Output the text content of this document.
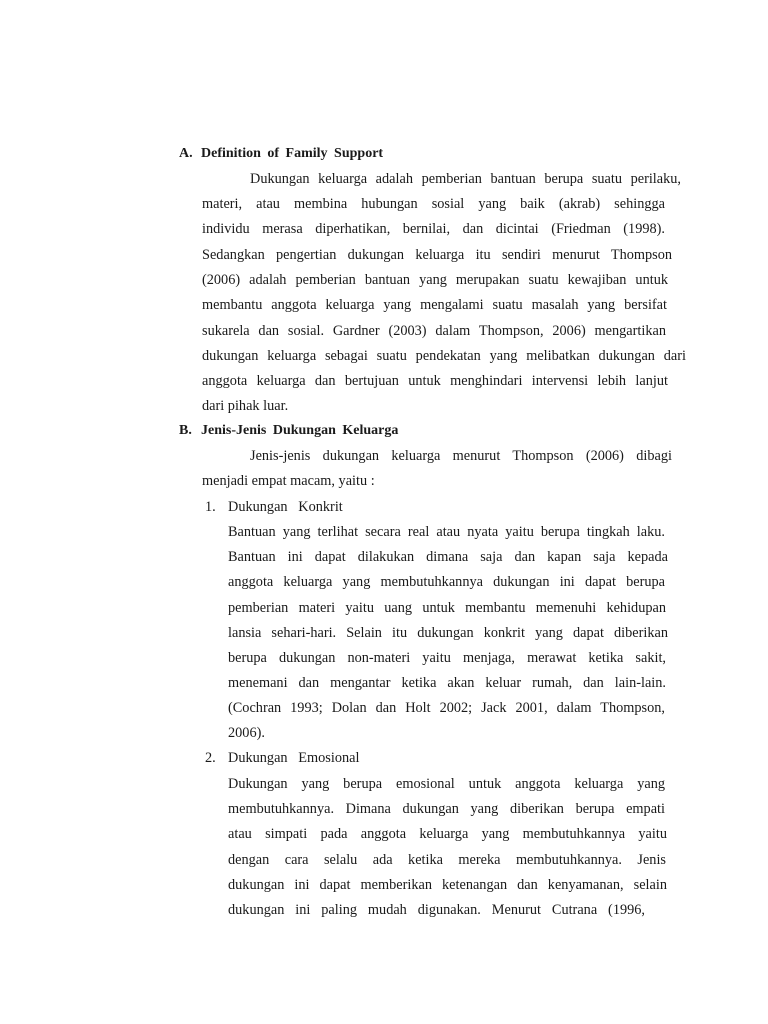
A. Definition of Family Support
Dukungan keluarga adalah pemberian bantuan berupa suatu perilaku,
materi, atau membina hubungan sosial yang baik (akrab) sehingga
individu merasa diperhatikan, bernilai, dan dicintai (Friedman (1998).
Sedangkan pengertian dukungan keluarga itu sendiri menurut Thompson
(2006) adalah pemberian bantuan yang merupakan suatu kewajiban untuk
membantu anggota keluarga yang mengalami suatu masalah yang bersifat
sukarela dan sosial. Gardner (2003) dalam Thompson, 2006) mengartikan
dukungan keluarga sebagai suatu pendekatan yang melibatkan dukungan dari
anggota keluarga dan bertujuan untuk menghindari intervensi lebih lanjut
dari pihak luar.
B. Jenis-Jenis Dukungan Keluarga
Jenis-jenis dukungan keluarga menurut Thompson (2006) dibagi
menjadi empat macam, yaitu :
1. Dukungan   Konkrit
Bantuan yang terlihat secara real atau nyata yaitu berupa tingkah laku.
Bantuan ini dapat dilakukan dimana saja dan kapan saja kepada
anggota keluarga yang membutuhkannya dukungan ini dapat berupa
pemberian materi yaitu uang untuk membantu memenuhi kehidupan
lansia sehari-hari. Selain itu dukungan konkrit yang dapat diberikan
berupa dukungan non-materi yaitu menjaga, merawat ketika sakit,
menemani dan mengantar ketika akan keluar rumah, dan lain-lain.
(Cochran 1993; Dolan dan Holt 2002; Jack 2001, dalam Thompson,
2006).
2. Dukungan   Emosional
Dukungan yang berupa emosional untuk anggota keluarga yang
membutuhkannya. Dimana dukungan yang diberikan berupa empati
atau simpati pada anggota keluarga yang membutuhkannya yaitu
dengan cara selalu ada ketika mereka membutuhkannya. Jenis
dukungan ini dapat memberikan ketenangan dan kenyamanan, selain
dukungan ini paling mudah digunakan. Menurut Cutrana (1996,
